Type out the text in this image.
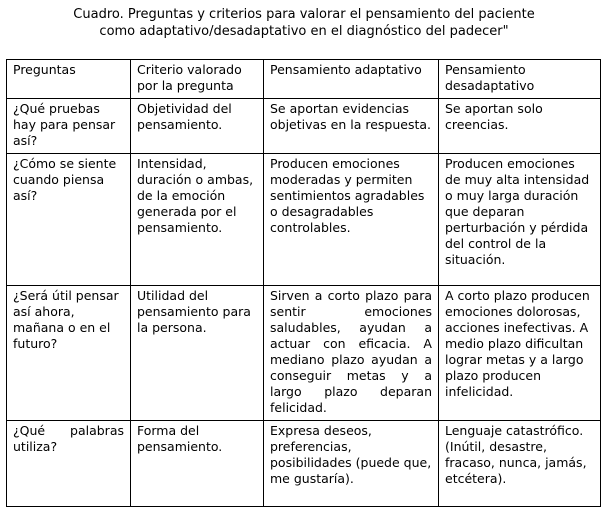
Cuadro. Preguntas y criterios para valorar el pensamiento del paciente
como adaptativo/desadaptativo en el diagnóstico del padecer"
Preguntas	Criterio valorado por la pregunta	Pensamiento adaptativo	Pensamiento desadaptativo
¿Qué pruebas hay para pensar así?	Objetividad del pensamiento.	Se aportan evidencias objetivas en la respuesta.	Se aportan solo creencias.
¿Cómo se siente cuando piensa así?	Intensidad, duración o ambas, de la emoción generada por el pensamiento.	Producen emociones moderadas y permiten sentimientos agradables o desagradables controlables.	Producen emociones de muy alta intensidad o muy larga duración que deparan perturbación y pérdida del control de la situación.
¿Será útil pensar así ahora, mañana o en el futuro?	Utilidad del pensamiento para la persona.	Sirven a corto plazo para sentir emociones saludables, ayudan a actuar con eficacia. A mediano plazo ayudan a conseguir metas y a largo plazo deparan felicidad.	A corto plazo producen emociones dolorosas, acciones inefectivas. A medio plazo dificultan lograr metas y a largo plazo producen infelicidad.
¿Qué palabras utiliza?	Forma del pensamiento.	Expresa deseos, preferencias, posibilidades (puede que, me gustaría).	Lenguaje catastrófico. (Inútil, desastre, fracaso, nunca, jamás, etcétera).
